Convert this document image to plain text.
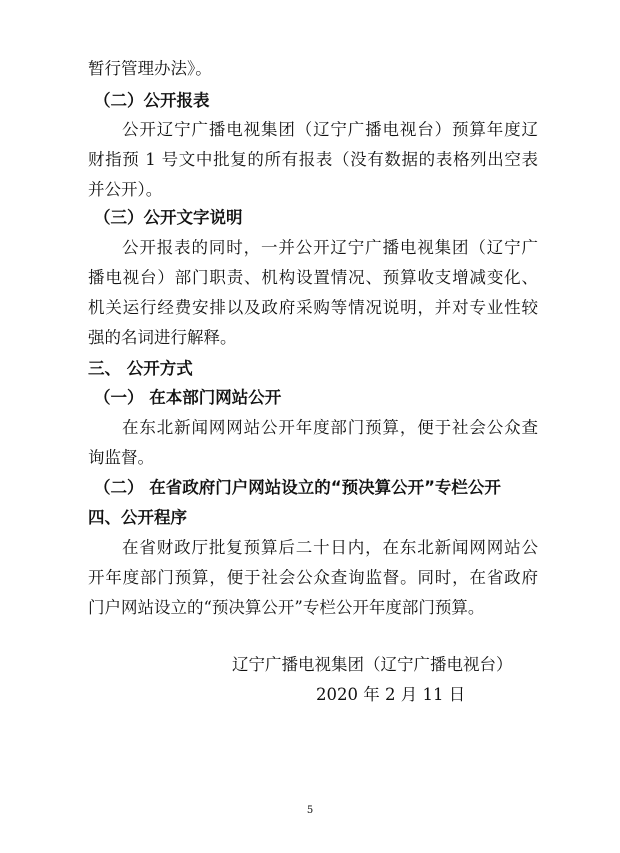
暂行管理办法》。
（二）公开报表
公开辽宁广播电视集团（辽宁广播电视台）预算年度辽
财指预 1 号文中批复的所有报表（没有数据的表格列出空表
并公开）。
（三）公开文字说明
公开报表的同时，一并公开辽宁广播电视集团（辽宁广
播电视台）部门职责、机构设置情况、预算收支增减变化、
机关运行经费安排以及政府采购等情况说明，并对专业性较
强的名词进行解释。
三、 公开方式
（一） 在本部门网站公开
在东北新闻网网站公开年度部门预算，便于社会公众查
询监督。
（二） 在省政府门户网站设立的“预决算公开”专栏公开
四、公开程序
在省财政厅批复预算后二十日内，在东北新闻网网站公
开年度部门预算，便于社会公众查询监督。同时，在省政府
门户网站设立的“预决算公开”专栏公开年度部门预算。
辽宁广播电视集团（辽宁广播电视台）
2020 年 2 月 11 日
5
